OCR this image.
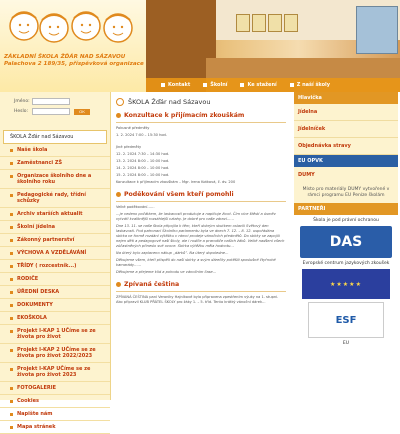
ZÁKLADNÍ ŠKOLA ŽĎÁR NAD SÁZAVOU
Palachova 2 189/35, příspěvková organizace
Kontakt	Školní	Ke stažení	Z naší školy
Jméno:
Heslo:	OK
ŠKOLA Žďár nad Sázavou
Naše škola
Zaměstnanci ZŠ
Organizace školního dne a školního roku
Pedagogické rady, třídní schůzky
Archiv starších aktualit
Školní jídelna
Zákonný partnerství
VÝCHOVA A VZDĚLÁVÁNÍ
TŘÍDY ( rozcestník...)
RODIČE
ÚŘEDNÍ DESKA
DOKUMENTY
EKOŠKOLA
Projekt I-KAP 1 UČíme se ze života pro život
Projekt I-KAP 2 UČíme se ze života pro život 2022/2023
Projekt I-KAP UČíme se ze života pro život 2023
FOTOGALERIE
Cookies
Napište nám
Mapa stránek
ŠKOLA Žďár nad Sázavou
Konzultace k přijímacím zkouškám

Pokusné předměty

1. 2. 2024 7:00 – 15:30 hod.

Jiné předměty

12. 2. 2024 7:30 – 14:30 hod.

13. 2. 2024 8:00 – 10:00 hod.

14. 2. 2024 8:00 – 10:00 hod.

15. 2. 2024 8:00 – 10:00 hod.

Konzultace k přijímacím zkouškám – Mgr. Irena Kotková, č. dv. 200

Poděkování všem kteří pomohli

Velké poděkování……

…je vedeno počátkem, že laskavostí produkuje a naplňuje život. Čím více štěstí a úsměv vytváří kvalitnější rozsáhlejší vztahy. Je dobré pro naše zdraví……

Dne 13. 11. se naše škola připojila k těm, kteří dobrým skutkem oslavili Světový den laskavosti. Pod patronací Školního parlamentu byla ve dnech 7. 12. – 8. 12. uspořádána sbírka ve formě rozdání výtěžku v rámci prodeje vánočních předmětů. Do sbírky se zapojili nejen děti a pedagogové naší školy, ale i rodiče a prarodiče našich žáků. Velké nadšení všech zúčastněných přineslo své ovoce. Sbírka výtěžku měla hodnotu…

Na úterý bylo zaplaceno nákup „dárků“. Na úterý dopoledne…

Děkujeme všem, kteří přispěli do naší sbírky a svým dárečky potěšili sposlušné čtyřnohé kamarády……

Děkujeme a přejeme klid a pohodu ve vánočním čase…

Zpívaná čeština

ZPÍVANÁ ČEŠTINA paní Veroniky Hajníkové byla připravena zpestřením výuky na 1. stupni. Ako připravil KLUB PŘÁTEL ŠKOLY pro žáky 1. – 5. tříd. Tento krátký vánoční dárek...

Hlavička
Jídelna
Jídelníček
Objednávka stravy
EU OPVK
DUMY
Místo pro materiály DUMY vytvořené v rámci programu EU Peníze školám
PARTNEŘI
Škola je pod právní ochranou
DAS
Evropské centrum jazykových zkoušek
★★★★★
ESF
EU
